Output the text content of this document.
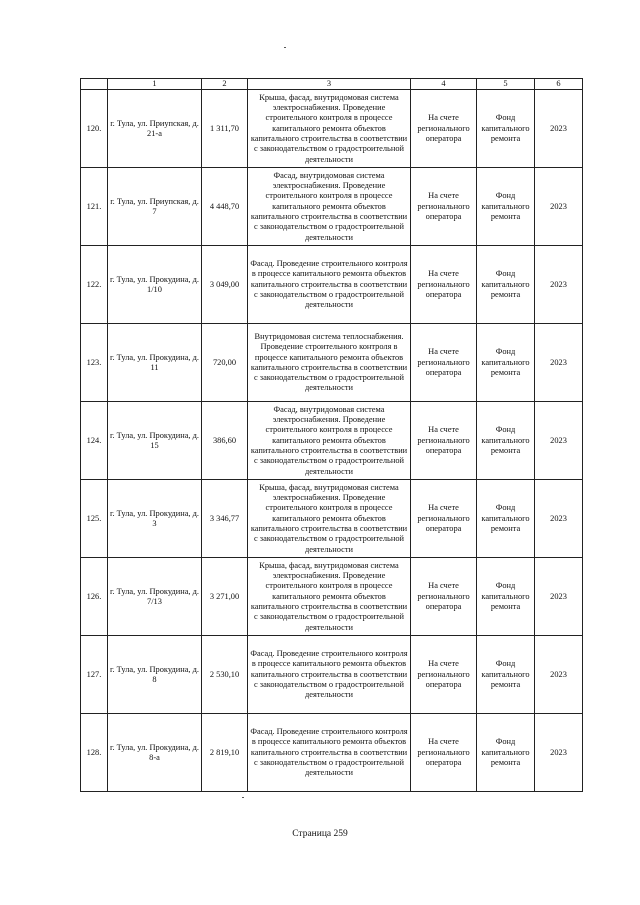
	1	2	3	4	5	6
120.	г. Тула, ул. Приупская, д. 21-а	1 311,70	Крыша, фасад, внутридомовая система электроснабжения. Проведение строительного контроля в процессе капитального ремонта объектов капитального строительства в соответствии с законодательством о градостроительной деятельности	На счете регионального оператора	Фонд капитального ремонта	2023
121.	г. Тула, ул. Приупская, д. 7	4 448,70	Фасад, внутридомовая система электроснабжения. Проведение строительного контроля в процессе капитального ремонта объектов капитального строительства в соответствии с законодательством о градостроительной деятельности	На счете регионального оператора	Фонд капитального ремонта	2023
122.	г. Тула, ул. Прокудина, д. 1/10	3 049,00	Фасад. Проведение строительного контроля в процессе капитального ремонта объектов капитального строительства в соответствии с законодательством о градостроительной деятельности	На счете регионального оператора	Фонд капитального ремонта	2023
123.	г. Тула, ул. Прокудина, д. 11	720,00	Внутридомовая система теплоснабжения. Проведение строительного контроля в процессе капитального ремонта объектов капитального строительства в соответствии с законодательством о градостроительной деятельности	На счете регионального оператора	Фонд капитального ремонта	2023
124.	г. Тула, ул. Прокудина, д. 15	386,60	Фасад, внутридомовая система электроснабжения. Проведение строительного контроля в процессе капитального ремонта объектов капитального строительства в соответствии с законодательством о градостроительной деятельности	На счете регионального оператора	Фонд капитального ремонта	2023
125.	г. Тула, ул. Прокудина, д. 3	3 346,77	Крыша, фасад, внутридомовая система электроснабжения. Проведение строительного контроля в процессе капитального ремонта объектов капитального строительства в соответствии с законодательством о градостроительной деятельности	На счете регионального оператора	Фонд капитального ремонта	2023
126.	г. Тула, ул. Прокудина, д. 7/13	3 271,00	Крыша, фасад, внутридомовая система электроснабжения. Проведение строительного контроля в процессе капитального ремонта объектов капитального строительства в соответствии с законодательством о градостроительной деятельности	На счете регионального оператора	Фонд капитального ремонта	2023
127.	г. Тула, ул. Прокудина, д. 8	2 530,10	Фасад. Проведение строительного контроля в процессе капитального ремонта объектов капитального строительства в соответствии с законодательством о градостроительной деятельности	На счете регионального оператора	Фонд капитального ремонта	2023
128.	г. Тула, ул. Прокудина, д. 8-а	2 819,10	Фасад. Проведение строительного контроля в процессе капитального ремонта объектов капитального строительства в соответствии с законодательством о градостроительной деятельности	На счете регионального оператора	Фонд капитального ремонта	2023
Страница 259
